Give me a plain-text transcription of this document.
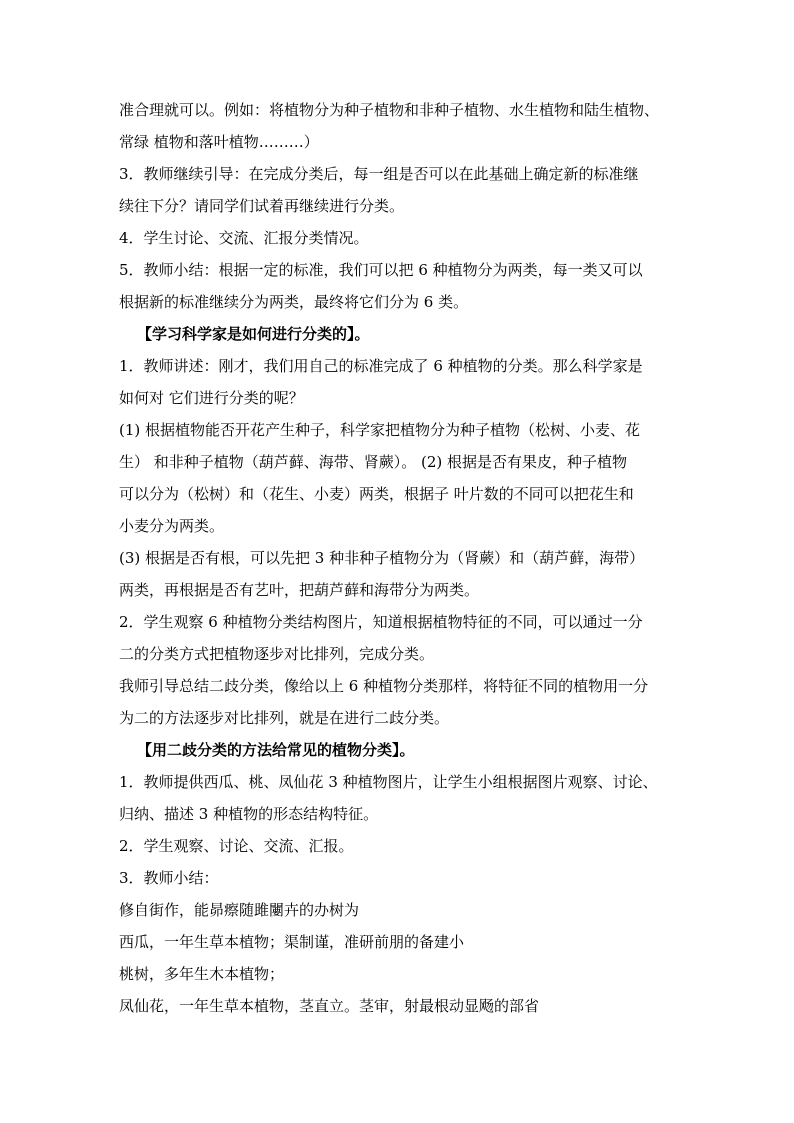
准合理就可以。例如：将植物分为种子植物和非种子植物、水生植物和陆生植物、
常绿 植物和落叶植物………）
3．教师继续引导：在完成分类后，每一组是否可以在此基础上确定新的标准继
续往下分？请同学们试着再继续进行分类。
4．学生讨论、交流、汇报分类情况。
5．教师小结：根据一定的标准，我们可以把 6 种植物分为两类，每一类又可以
根据新的标准继续分为两类，最终将它们分为 6 类。
【学习科学家是如何进行分类的】。
1．教师讲述：刚才，我们用自己的标准完成了 6 种植物的分类。那么科学家是
如何对 它们进行分类的呢？
(1) 根据植物能否开花产生种子，科学家把植物分为种子植物（松树、小麦、花
生） 和非种子植物（葫芦藓、海带、肾蕨）。 (2) 根据是否有果皮，种子植物
可以分为（松树）和（花生、小麦）两类，根据子 叶片数的不同可以把花生和
小麦分为两类。
(3) 根据是否有根，可以先把 3 种非种子植物分为（肾蕨）和（葫芦藓，海带）
两类，再根据是否有艺叶，把葫芦藓和海带分为两类。
2．学生观察 6 种植物分类结构图片，知道根据植物特征的不同，可以通过一分
二的分类方式把植物逐步对比排列，完成分类。
我师引导总结二歧分类，像给以上 6 种植物分类那样，将特征不同的植物用一分
为二的方法逐步对比排列，就是在进行二歧分类。
【用二歧分类的方法给常见的植物分类】。
1．教师提供西瓜、桃、凤仙花 3 种植物图片，让学生小组根据图片观察、讨论、
归纳、描述 3 种植物的形态结构特征。
2．学生观察、讨论、交流、汇报。
3．教师小结：
修自街作，能昴瘵随雎闄卉的办树为
西瓜，一年生草本植物；渠制谨，准研前朋的备建小
桃树，多年生木本植物；
凤仙花，一年生草本植物，茎直立。茎审，射最根动显飏的部省
